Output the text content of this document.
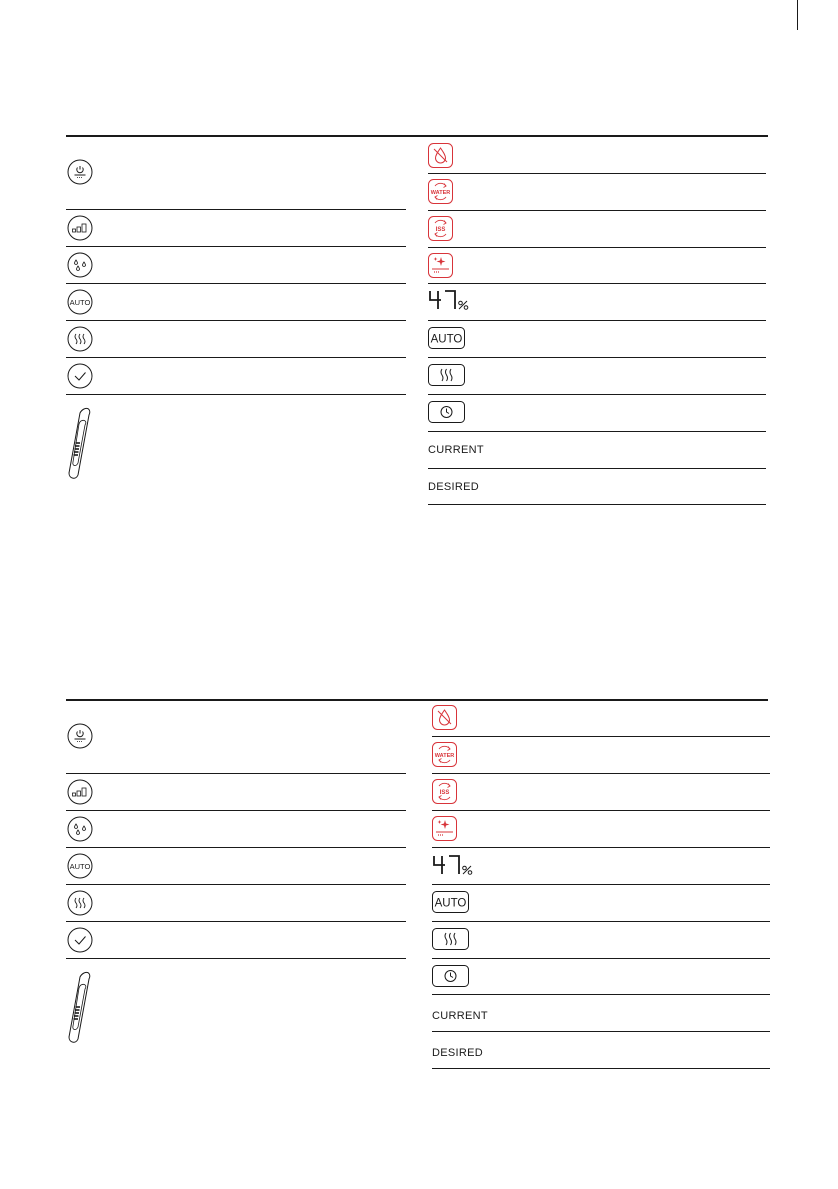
AUTO
WATER
ISS
AUTO
CURRENT
DESIRED
AUTO
WATER
ISS
AUTO
CURRENT
DESIRED
